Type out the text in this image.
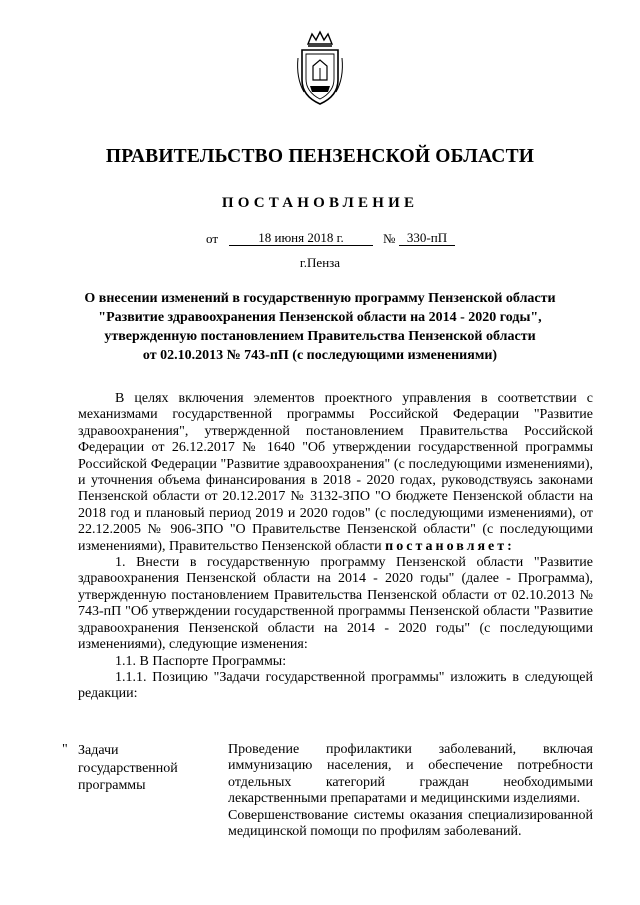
ПРАВИТЕЛЬСТВО ПЕНЗЕНСКОЙ ОБЛАСТИ
ПОСТАНОВЛЕНИЕ
от	18 июня 2018 г.	№ 330-пП
г.Пенза
О внесении изменений в государственную программу Пензенской области
"Развитие здравоохранения Пензенской области на 2014 - 2020 годы",
утвержденную постановлением Правительства Пензенской области
от 02.10.2013 № 743-пП (с последующими изменениями)

В целях включения элементов проектного управления в соответствии с механизмами государственной программы Российской Федерации "Развитие здравоохранения", утвержденной постановлением Правительства Российской Федерации от 26.12.2017 № 1640 "Об утверждении государственной программы Российской Федерации "Развитие здравоохранения" (с последующими изменениями), и уточнения объема финансирования в 2018 - 2020 годах, руководствуясь законами Пензенской области от 20.12.2017 № 3132-ЗПО "О бюджете Пензенской области на 2018 год и плановый период 2019 и 2020 годов" (с последующими изменениями), от 22.12.2005 № 906-ЗПО "О Правительстве Пензенской области" (с последующими изменениями), Правительство Пензенской области постановляет:

1. Внести в государственную программу Пензенской области "Развитие здравоохранения Пензенской области на 2014 - 2020 годы" (далее - Программа), утвержденную постановлением Правительства Пензенской области от 02.10.2013 № 743-пП "Об утверждении государственной программы Пензенской области "Развитие здравоохранения Пензенской области на 2014 - 2020 годы" (с последующими изменениями), следующие изменения:

1.1. В Паспорте Программы:

1.1.1. Позицию "Задачи государственной программы" изложить в следующей редакции:

" Задачи государственной программы

Проведение профилактики заболеваний, включая иммунизацию населения, и обеспечение потребности отдельных категорий граждан необходимыми лекарственными препаратами и медицинскими изделиями.

Совершенствование системы оказания специализированной медицинской помощи по профилям заболеваний.
